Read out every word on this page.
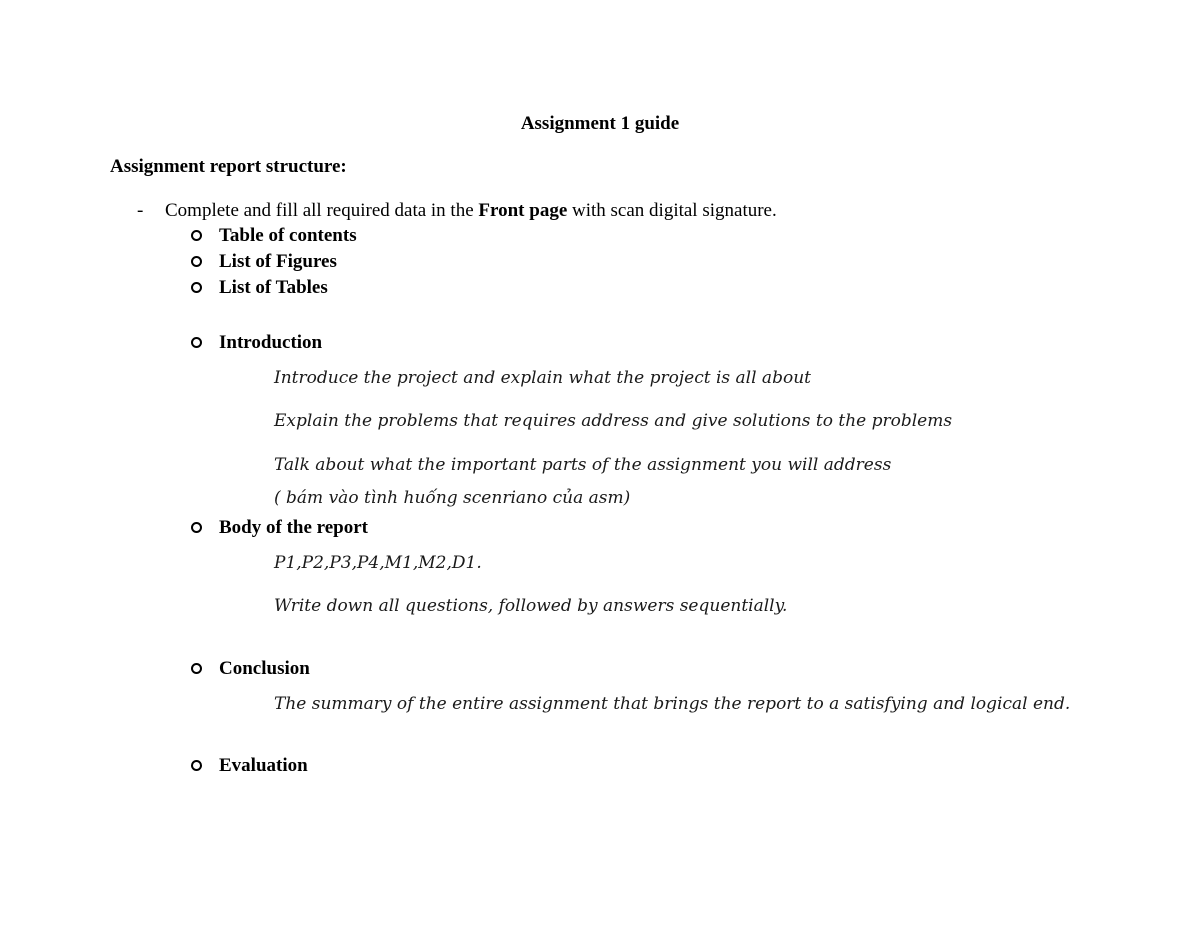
Assignment 1 guide
Assignment report structure:
- Complete and fill all required data in the Front page with scan digital signature.
Table of contents
List of Figures
List of Tables
Introduction
Introduce the project and explain what the project is all about
Explain the problems that requires address and give solutions to the problems
Talk about what the important parts of the assignment you will address
( bám vào tình huống scenriano của asm)
Body of the report
P1,P2,P3,P4,M1,M2,D1.
Write down all questions, followed by answers sequentially.
Conclusion
The summary of the entire assignment that brings the report to a satisfying and logical end.
Evaluation
